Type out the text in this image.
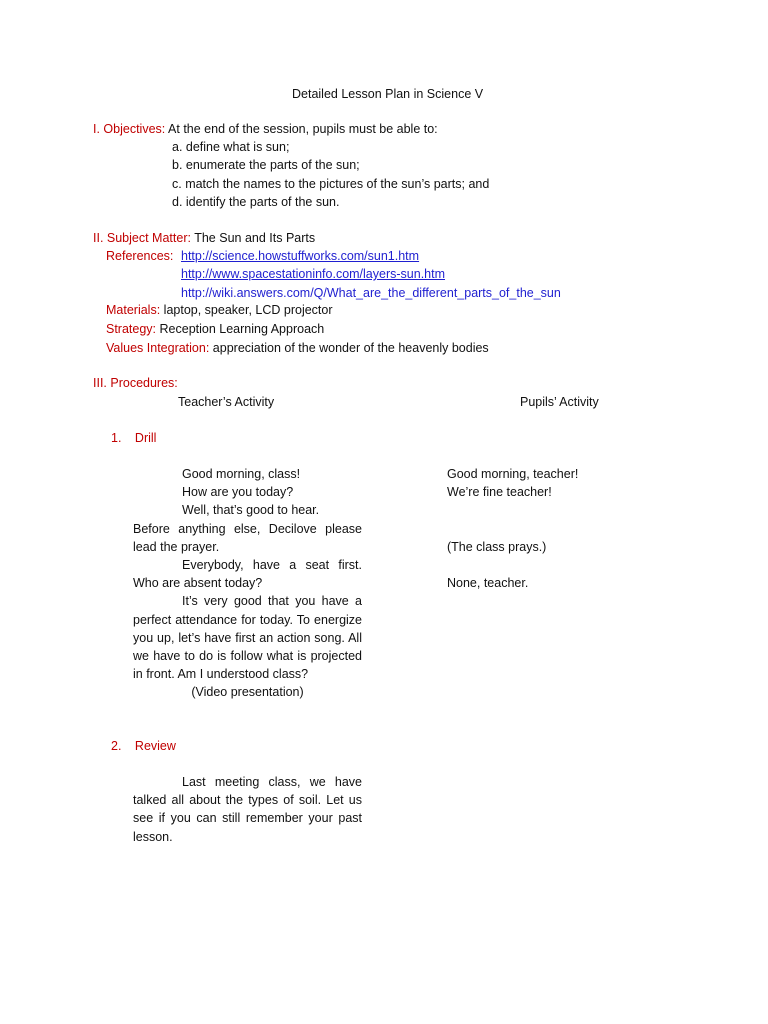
Detailed Lesson Plan in Science V
I. Objectives: At the end of the session, pupils must be able to:
a. define what is sun;
b. enumerate the parts of the sun;
c. match the names to the pictures of the sun’s parts; and
d. identify the parts of the sun.
II. Subject Matter: The Sun and Its Parts
References: http://science.howstuffworks.com/sun1.htm
http://www.spacestationinfo.com/layers-sun.htm
http://wiki.answers.com/Q/What_are_the_different_parts_of_the_sun
Materials: laptop, speaker, LCD projector
Strategy: Reception Learning Approach
Values Integration: appreciation of the wonder of the heavenly bodies
III. Procedures:
Teacher’s Activity	Pupils’ Activity
1. Drill

Good morning, class!

How are you today?

Well, that’s good to hear.

Before anything else, Decilove please lead the prayer.

Everybody, have a seat first. Who are absent today?

It’s very good that you have a perfect attendance for today. To energize you up, let’s have first an action song. All we have to do is follow what is projected in front. Am I understood class?

(Video presentation)

Good morning, teacher!
We’re fine teacher!
(The class prays.)
None, teacher.
2. Review

Last meeting class, we have talked all about the types of soil. Let us see if you can still remember your past lesson.
